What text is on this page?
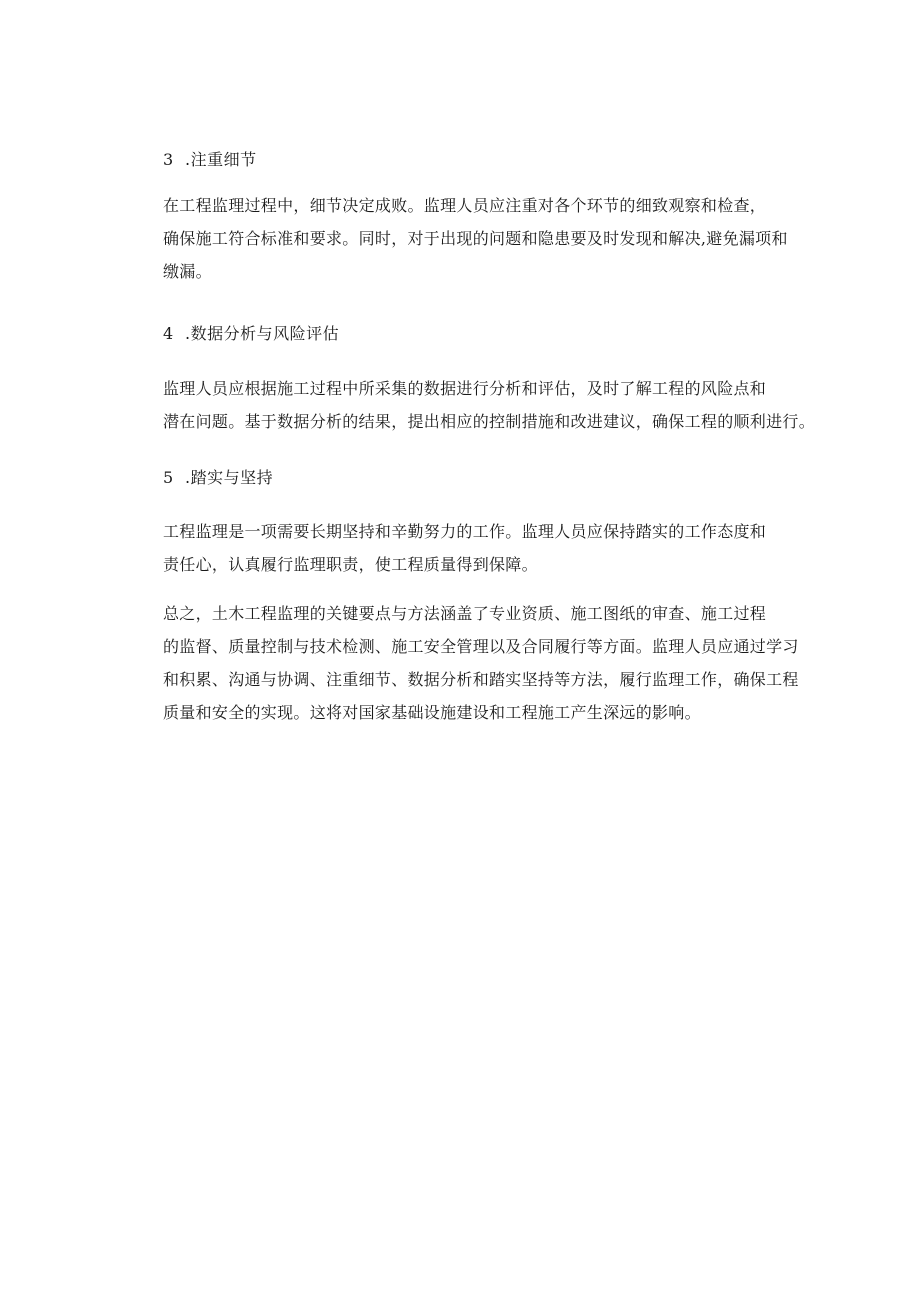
3 .注重细节
在工程监理过程中，细节决定成败。监理人员应注重对各个环节的细致观察和检查，
确保施工符合标准和要求。同时，对于出现的问题和隐患要及时发现和解决,避免漏项和
缴漏。
4 .数据分析与风险评估
监理人员应根据施工过程中所采集的数据进行分析和评估，及时了解工程的风险点和
潜在问题。基于数据分析的结果，提出相应的控制措施和改进建议，确保工程的顺利进行。
5 .踏实与坚持
工程监理是一项需要长期坚持和辛勤努力的工作。监理人员应保持踏实的工作态度和
责任心，认真履行监理职责，使工程质量得到保障。
总之，土木工程监理的关键要点与方法涵盖了专业资质、施工图纸的审查、施工过程
的监督、质量控制与技术检测、施工安全管理以及合同履行等方面。监理人员应通过学习
和积累、沟通与协调、注重细节、数据分析和踏实坚持等方法，履行监理工作，确保工程
质量和安全的实现。这将对国家基础设施建设和工程施工产生深远的影响。
